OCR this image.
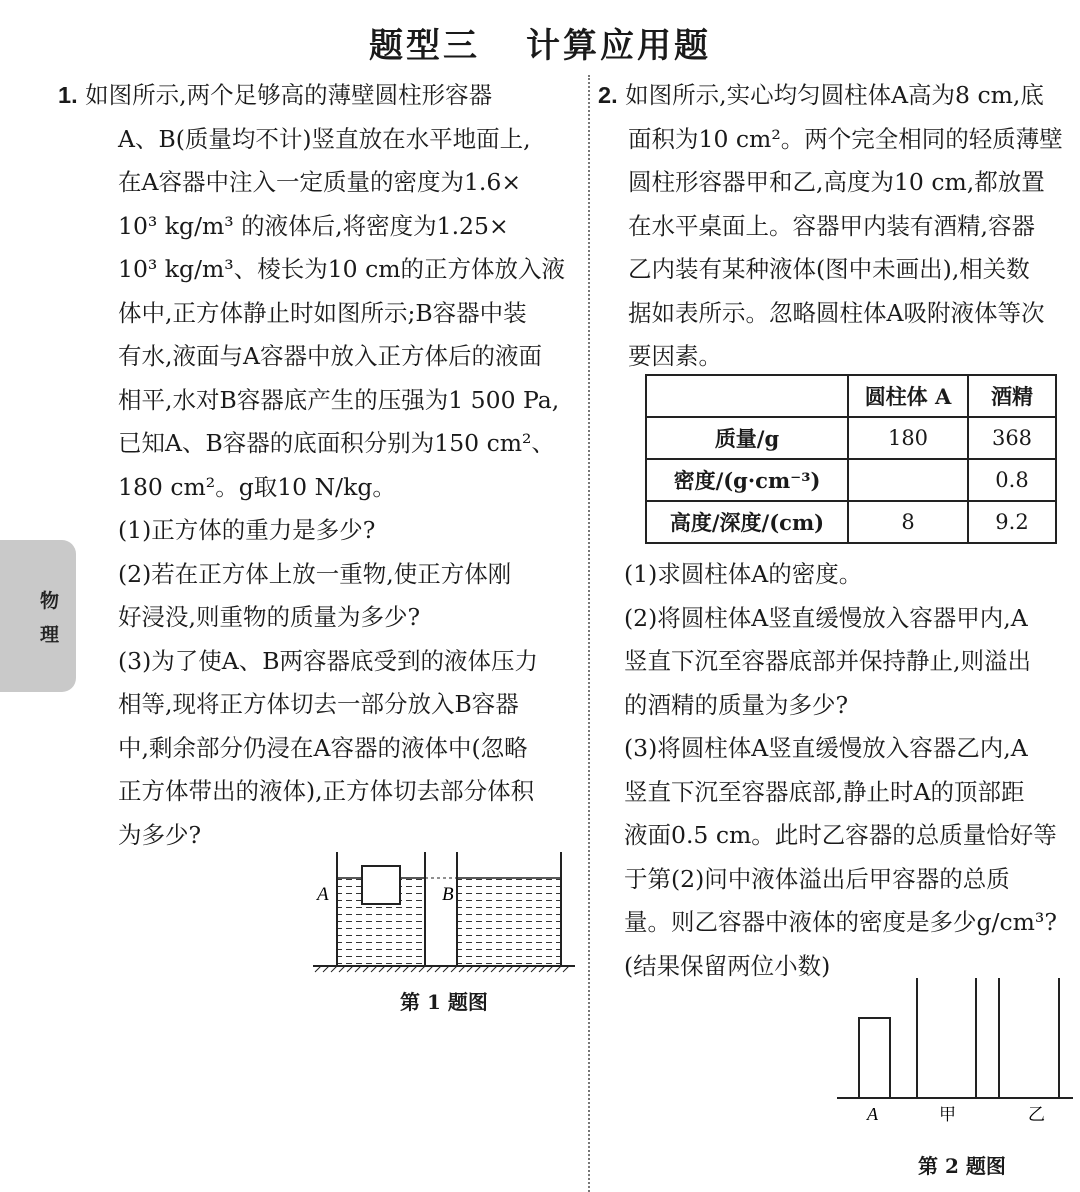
题型三 计算应用题
物
理

1. 如图所示,两个足够高的薄壁圆柱形容器

A、B(质量均不计)竖直放在水平地面上,

在A容器中注入一定质量的密度为1.6×

10³ kg/m³ 的液体后,将密度为1.25×

10³ kg/m³、棱长为10 cm的正方体放入液

体中,正方体静止时如图所示;B容器中装

有水,液面与A容器中放入正方体后的液面

相平,水对B容器底产生的压强为1 500 Pa,

已知A、B容器的底面积分别为150 cm²、

180 cm²。g取10 N/kg。

(1)正方体的重力是多少?

(2)若在正方体上放一重物,使正方体刚

好浸没,则重物的质量为多少?

(3)为了使A、B两容器底受到的液体压力

相等,现将正方体切去一部分放入B容器

中,剩余部分仍浸在A容器的液体中(忽略

正方体带出的液体),正方体切去部分体积

为多少?

A	B
第 1 题图

2. 如图所示,实心均匀圆柱体A高为8 cm,底

面积为10 cm²。两个完全相同的轻质薄壁

圆柱形容器甲和乙,高度为10 cm,都放置

在水平桌面上。容器甲内装有酒精,容器

乙内装有某种液体(图中未画出),相关数

据如表所示。忽略圆柱体A吸附液体等次

要因素。

	圆柱体 A	酒精
质量/g	180	368
密度/(g·cm⁻³)		0.8
高度/深度/(cm)	8	9.2

(1)求圆柱体A的密度。

(2)将圆柱体A竖直缓慢放入容器甲内,A

竖直下沉至容器底部并保持静止,则溢出

的酒精的质量为多少?

(3)将圆柱体A竖直缓慢放入容器乙内,A

竖直下沉至容器底部,静止时A的顶部距

液面0.5 cm。此时乙容器的总质量恰好等

于第(2)问中液体溢出后甲容器的总质

量。则乙容器中液体的密度是多少g/cm³?

(结果保留两位小数)

A	甲	乙
第 2 题图
